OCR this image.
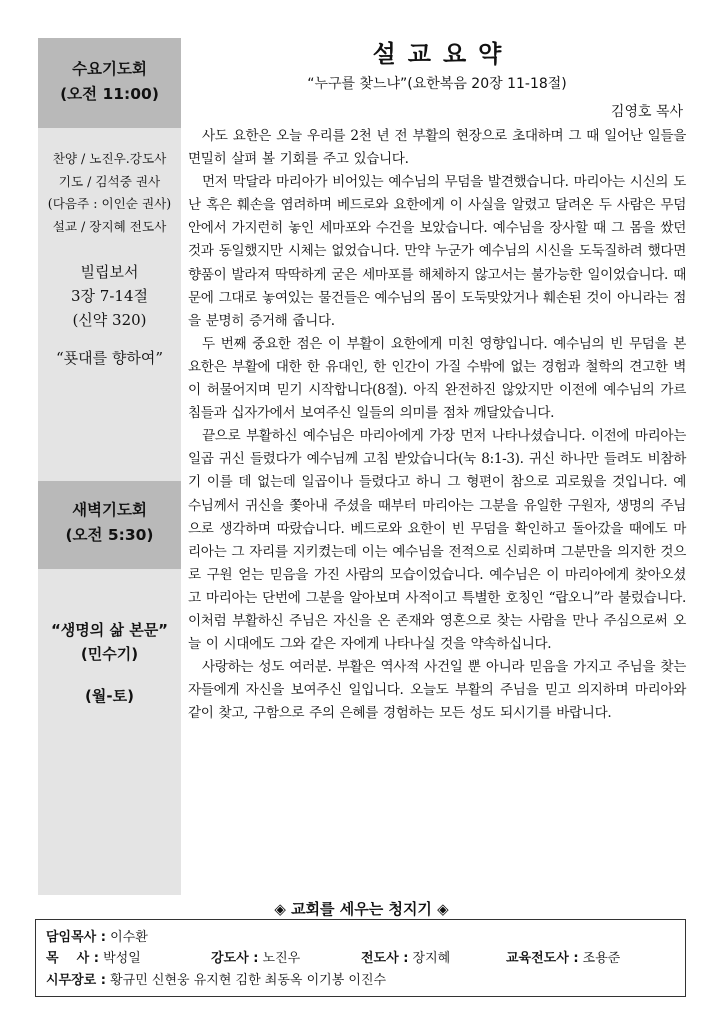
수요기도회
(오전 11:00)
찬양 / 노진우.강도사
기도 / 김석중 권사
(다음주 : 이인순 권사)
설교 / 장지혜 전도사
빌립보서
3장 7-14절
(신약 320)
“푯대를 향하여”
새벽기도회
(오전 5:30)
“생명의 삶 본문”
(민수기)
(월-토)
설교요약
“누구를 찾느냐”(요한복음 20장 11-18절)
김영호 목사

사도 요한은 오늘 우리를 2천 년 전 부활의 현장으로 초대하며 그 때 일어난 일들을 면밀히 살펴 볼 기회를 주고 있습니다.

먼저 막달라 마리아가 비어있는 예수님의 무덤을 발견했습니다. 마리아는 시신의 도난 혹은 훼손을 염려하며 베드로와 요한에게 이 사실을 알렸고 달려온 두 사람은 무덤 안에서 가지런히 놓인 세마포와 수건을 보았습니다. 예수님을 장사할 때 그 몸을 쌌던 것과 동일했지만 시체는 없었습니다. 만약 누군가 예수님의 시신을 도둑질하려 했다면 향품이 발라져 딱딱하게 굳은 세마포를 해체하지 않고서는 불가능한 일이었습니다. 때문에 그대로 놓여있는 물건들은 예수님의 몸이 도둑맞았거나 훼손된 것이 아니라는 점을 분명히 증거해 줍니다.

두 번째 중요한 점은 이 부활이 요한에게 미친 영향입니다. 예수님의 빈 무덤을 본 요한은 부활에 대한 한 유대인, 한 인간이 가질 수밖에 없는 경험과 철학의 견고한 벽이 허물어지며 믿기 시작합니다(8절). 아직 완전하진 않았지만 이전에 예수님의 가르침들과 십자가에서 보여주신 일들의 의미를 점차 깨달았습니다.

끝으로 부활하신 예수님은 마리아에게 가장 먼저 나타나셨습니다. 이전에 마리아는 일곱 귀신 들렸다가 예수님께 고침 받았습니다(눅 8:1-3). 귀신 하나만 들려도 비참하기 이를 데 없는데 일곱이나 들렸다고 하니 그 형편이 참으로 괴로웠을 것입니다. 예수님께서 귀신을 쫓아내 주셨을 때부터 마리아는 그분을 유일한 구원자, 생명의 주님으로 생각하며 따랐습니다. 베드로와 요한이 빈 무덤을 확인하고 돌아갔을 때에도 마리아는 그 자리를 지키켰는데 이는 예수님을 전적으로 신뢰하며 그분만을 의지한 것으로 구원 얻는 믿음을 가진 사람의 모습이었습니다. 예수님은 이 마리아에게 찾아오셨고 마리아는 단번에 그분을 알아보며 사적이고 특별한 호칭인 “랍오니”라 불렀습니다. 이처럼 부활하신 주님은 자신을 온 존재와 영혼으로 찾는 사람을 만나 주심으로써 오늘 이 시대에도 그와 같은 자에게 나타나실 것을 약속하십니다.

사랑하는 성도 여러분. 부활은 역사적 사건일 뿐 아니라 믿음을 가지고 주님을 찾는 자들에게 자신을 보여주신 일입니다. 오늘도 부활의 주님을 믿고 의지하며 마리아와 같이 찾고, 구함으로 주의 은혜를 경험하는 모든 성도 되시기를 바랍니다.

◈ 교회를 세우는 청지기 ◈
담임목사 : 이수환
목    사 : 박성일	강도사 : 노진우	전도사 : 장지혜	교육전도사 : 조용준
시무장로 : 황규민 신현웅 유지현 김한 최동옥 이기봉 이진수
